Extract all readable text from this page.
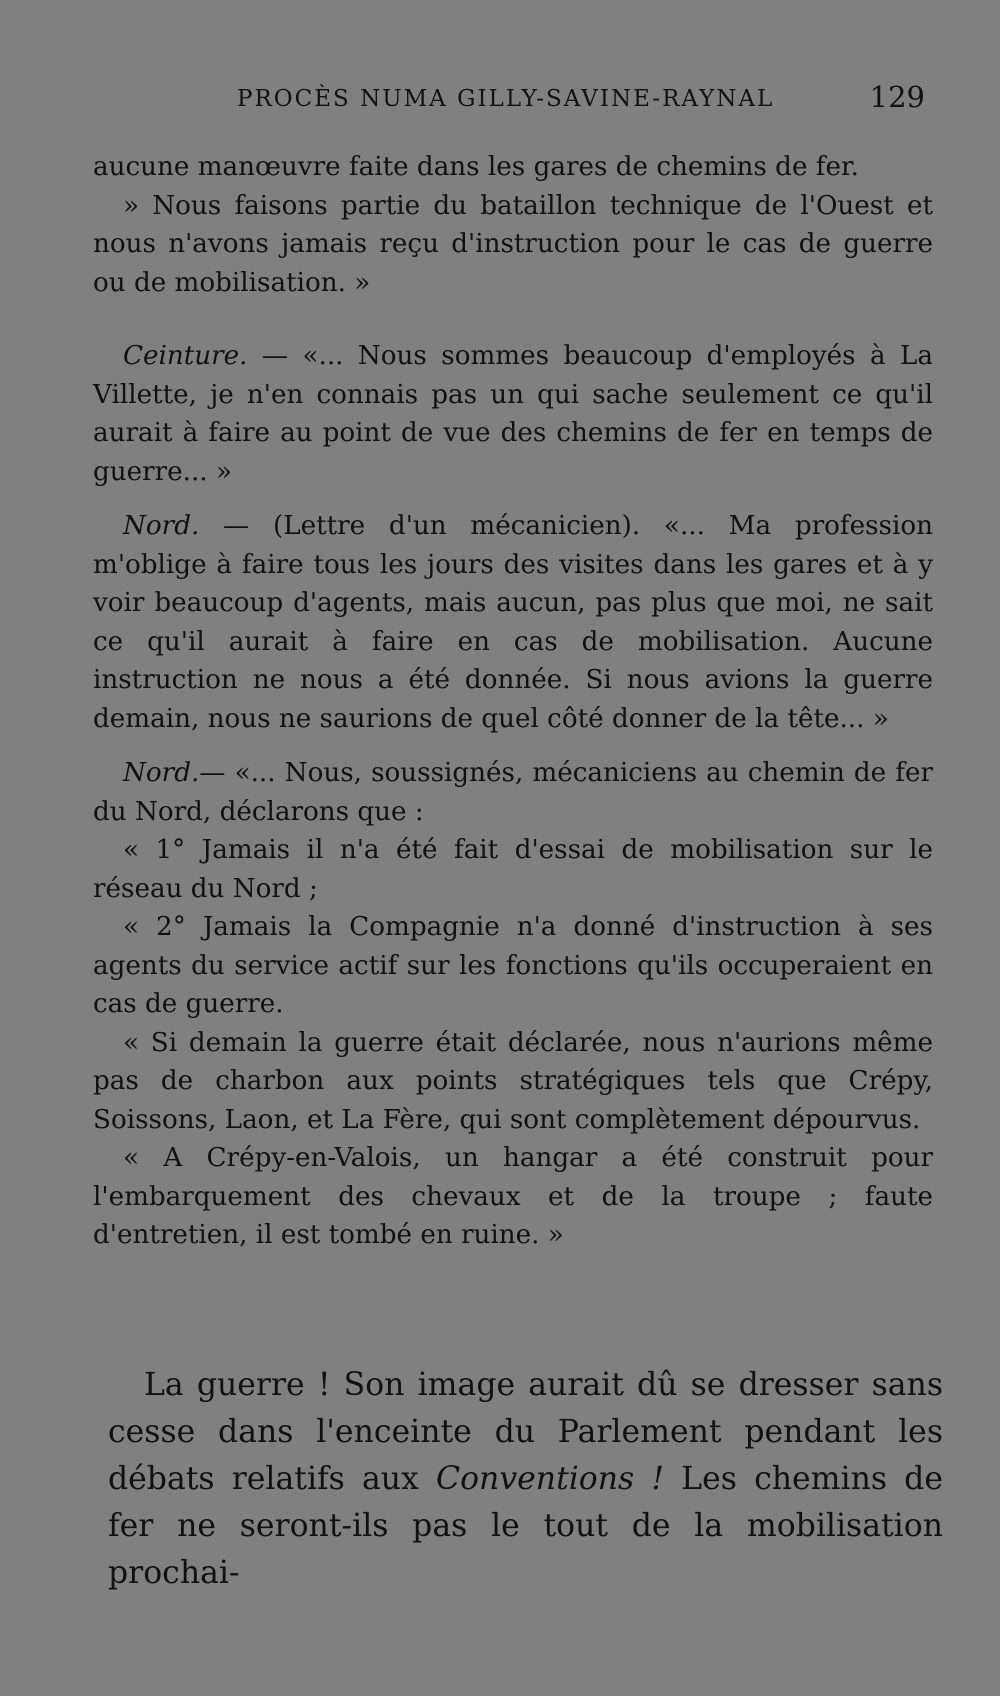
PROCÈS NUMA GILLY-SAVINE-RAYNAL	129

aucune manœuvre faite dans les gares de chemins de fer.

» Nous faisons partie du bataillon technique de l'Ouest et nous n'avons jamais reçu d'instruction pour le cas de guerre ou de mobilisation. »

Ceinture. — «... Nous sommes beaucoup d'employés à La Villette, je n'en connais pas un qui sache seulement ce qu'il aurait à faire au point de vue des chemins de fer en temps de guerre... »

Nord. — (Lettre d'un mécanicien). «... Ma profession m'oblige à faire tous les jours des visites dans les gares et à y voir beaucoup d'agents, mais aucun, pas plus que moi, ne sait ce qu'il aurait à faire en cas de mobilisation. Aucune instruction ne nous a été donnée. Si nous avions la guerre demain, nous ne saurions de quel côté donner de la tête... »

Nord.— «... Nous, soussignés, mécaniciens au chemin de fer du Nord, déclarons que :

« 1° Jamais il n'a été fait d'essai de mobilisation sur le réseau du Nord ;

« 2° Jamais la Compagnie n'a donné d'instruction à ses agents du service actif sur les fonctions qu'ils occuperaient en cas de guerre.

« Si demain la guerre était déclarée, nous n'aurions même pas de charbon aux points stratégiques tels que Crépy, Soissons, Laon, et La Fère, qui sont complètement dépourvus.

« A Crépy-en-Valois, un hangar a été construit pour l'embarquement des chevaux et de la troupe ; faute d'entretien, il est tombé en ruine. »

La guerre ! Son image aurait dû se dresser sans cesse dans l'enceinte du Parlement pendant les débats relatifs aux Conventions ! Les chemins de fer ne seront-ils pas le tout de la mobilisation prochai-
